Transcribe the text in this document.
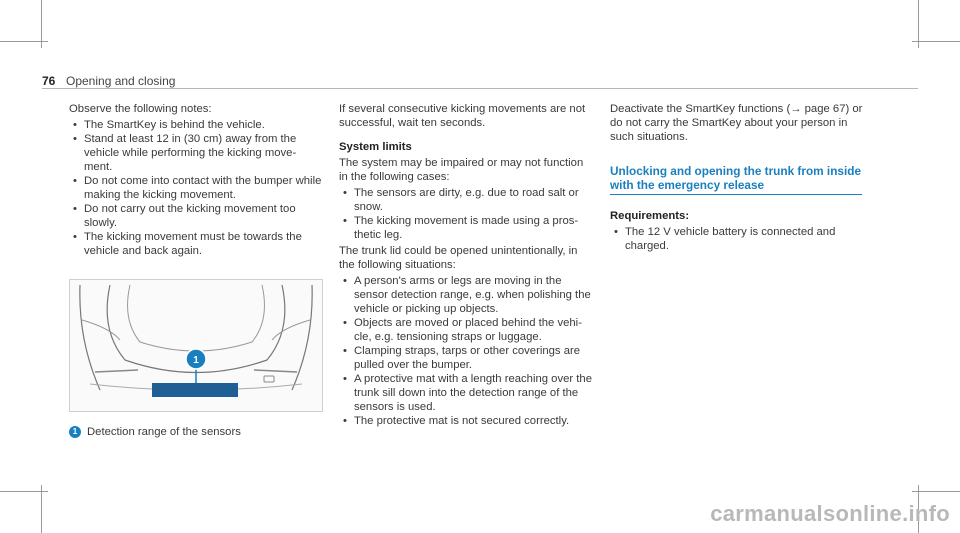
76 Opening and closing

Observe the following notes:

• The SmartKey is behind the vehicle.
• Stand at least 12 in (30 cm) away from the vehicle while performing the kicking move- ment.
• Do not come into contact with the bumper while making the kicking movement.
• Do not carry out the kicking movement too slowly.
• The kicking movement must be towards the vehicle and back again.
1
1 Detection range of the sensors

If several consecutive kicking movements are not successful, wait ten seconds.

System limits

The system may be impaired or may not function in the following cases:

• The sensors are dirty, e.g. due to road salt or snow.
• The kicking movement is made using a pros- thetic leg.

The trunk lid could be opened unintentionally, in the following situations:

• A person's arms or legs are moving in the sensor detection range, e.g. when polishing the vehicle or picking up objects.
• Objects are moved or placed behind the vehi- cle, e.g. tensioning straps or luggage.
• Clamping straps, tarps or other coverings are pulled over the bumper.
• A protective mat with a length reaching over the trunk sill down into the detection range of the sensors is used.
• The protective mat is not secured correctly.

Deactivate the SmartKey functions (→ page 67) or do not carry the SmartKey about your person in such situations.

Unlocking and opening the trunk from inside with the emergency release

Requirements:

• The 12 V vehicle battery is connected and charged.
carmanualsonline.info
